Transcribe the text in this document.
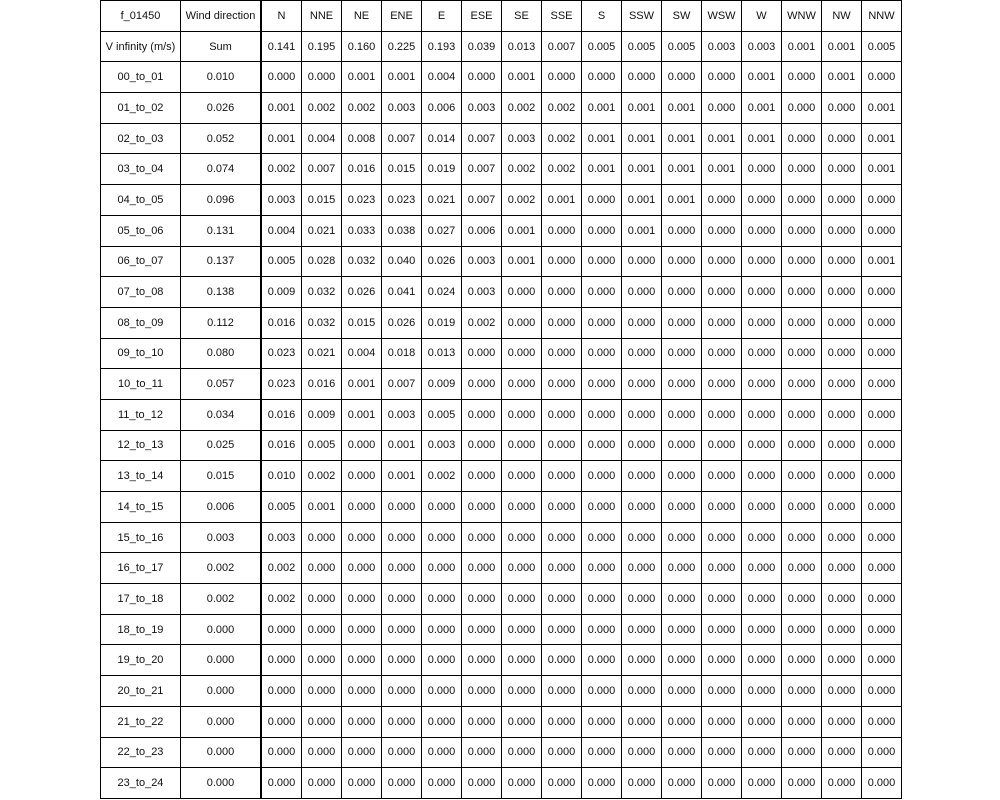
f_01450	Wind direction	N	NNE	NE	ENE	E	ESE	SE	SSE	S	SSW	SW	WSW	W	WNW	NW	NNW
V infinity (m/s)	Sum	0.141	0.195	0.160	0.225	0.193	0.039	0.013	0.007	0.005	0.005	0.005	0.003	0.003	0.001	0.001	0.005
00_to_01	0.010	0.000	0.000	0.001	0.001	0.004	0.000	0.001	0.000	0.000	0.000	0.000	0.000	0.001	0.000	0.001	0.000
01_to_02	0.026	0.001	0.002	0.002	0.003	0.006	0.003	0.002	0.002	0.001	0.001	0.001	0.000	0.001	0.000	0.000	0.001
02_to_03	0.052	0.001	0.004	0.008	0.007	0.014	0.007	0.003	0.002	0.001	0.001	0.001	0.001	0.001	0.000	0.000	0.001
03_to_04	0.074	0.002	0.007	0.016	0.015	0.019	0.007	0.002	0.002	0.001	0.001	0.001	0.001	0.000	0.000	0.000	0.001
04_to_05	0.096	0.003	0.015	0.023	0.023	0.021	0.007	0.002	0.001	0.000	0.001	0.001	0.000	0.000	0.000	0.000	0.000
05_to_06	0.131	0.004	0.021	0.033	0.038	0.027	0.006	0.001	0.000	0.000	0.001	0.000	0.000	0.000	0.000	0.000	0.000
06_to_07	0.137	0.005	0.028	0.032	0.040	0.026	0.003	0.001	0.000	0.000	0.000	0.000	0.000	0.000	0.000	0.000	0.001
07_to_08	0.138	0.009	0.032	0.026	0.041	0.024	0.003	0.000	0.000	0.000	0.000	0.000	0.000	0.000	0.000	0.000	0.000
08_to_09	0.112	0.016	0.032	0.015	0.026	0.019	0.002	0.000	0.000	0.000	0.000	0.000	0.000	0.000	0.000	0.000	0.000
09_to_10	0.080	0.023	0.021	0.004	0.018	0.013	0.000	0.000	0.000	0.000	0.000	0.000	0.000	0.000	0.000	0.000	0.000
10_to_11	0.057	0.023	0.016	0.001	0.007	0.009	0.000	0.000	0.000	0.000	0.000	0.000	0.000	0.000	0.000	0.000	0.000
11_to_12	0.034	0.016	0.009	0.001	0.003	0.005	0.000	0.000	0.000	0.000	0.000	0.000	0.000	0.000	0.000	0.000	0.000
12_to_13	0.025	0.016	0.005	0.000	0.001	0.003	0.000	0.000	0.000	0.000	0.000	0.000	0.000	0.000	0.000	0.000	0.000
13_to_14	0.015	0.010	0.002	0.000	0.001	0.002	0.000	0.000	0.000	0.000	0.000	0.000	0.000	0.000	0.000	0.000	0.000
14_to_15	0.006	0.005	0.001	0.000	0.000	0.000	0.000	0.000	0.000	0.000	0.000	0.000	0.000	0.000	0.000	0.000	0.000
15_to_16	0.003	0.003	0.000	0.000	0.000	0.000	0.000	0.000	0.000	0.000	0.000	0.000	0.000	0.000	0.000	0.000	0.000
16_to_17	0.002	0.002	0.000	0.000	0.000	0.000	0.000	0.000	0.000	0.000	0.000	0.000	0.000	0.000	0.000	0.000	0.000
17_to_18	0.002	0.002	0.000	0.000	0.000	0.000	0.000	0.000	0.000	0.000	0.000	0.000	0.000	0.000	0.000	0.000	0.000
18_to_19	0.000	0.000	0.000	0.000	0.000	0.000	0.000	0.000	0.000	0.000	0.000	0.000	0.000	0.000	0.000	0.000	0.000
19_to_20	0.000	0.000	0.000	0.000	0.000	0.000	0.000	0.000	0.000	0.000	0.000	0.000	0.000	0.000	0.000	0.000	0.000
20_to_21	0.000	0.000	0.000	0.000	0.000	0.000	0.000	0.000	0.000	0.000	0.000	0.000	0.000	0.000	0.000	0.000	0.000
21_to_22	0.000	0.000	0.000	0.000	0.000	0.000	0.000	0.000	0.000	0.000	0.000	0.000	0.000	0.000	0.000	0.000	0.000
22_to_23	0.000	0.000	0.000	0.000	0.000	0.000	0.000	0.000	0.000	0.000	0.000	0.000	0.000	0.000	0.000	0.000	0.000
23_to_24	0.000	0.000	0.000	0.000	0.000	0.000	0.000	0.000	0.000	0.000	0.000	0.000	0.000	0.000	0.000	0.000	0.000
